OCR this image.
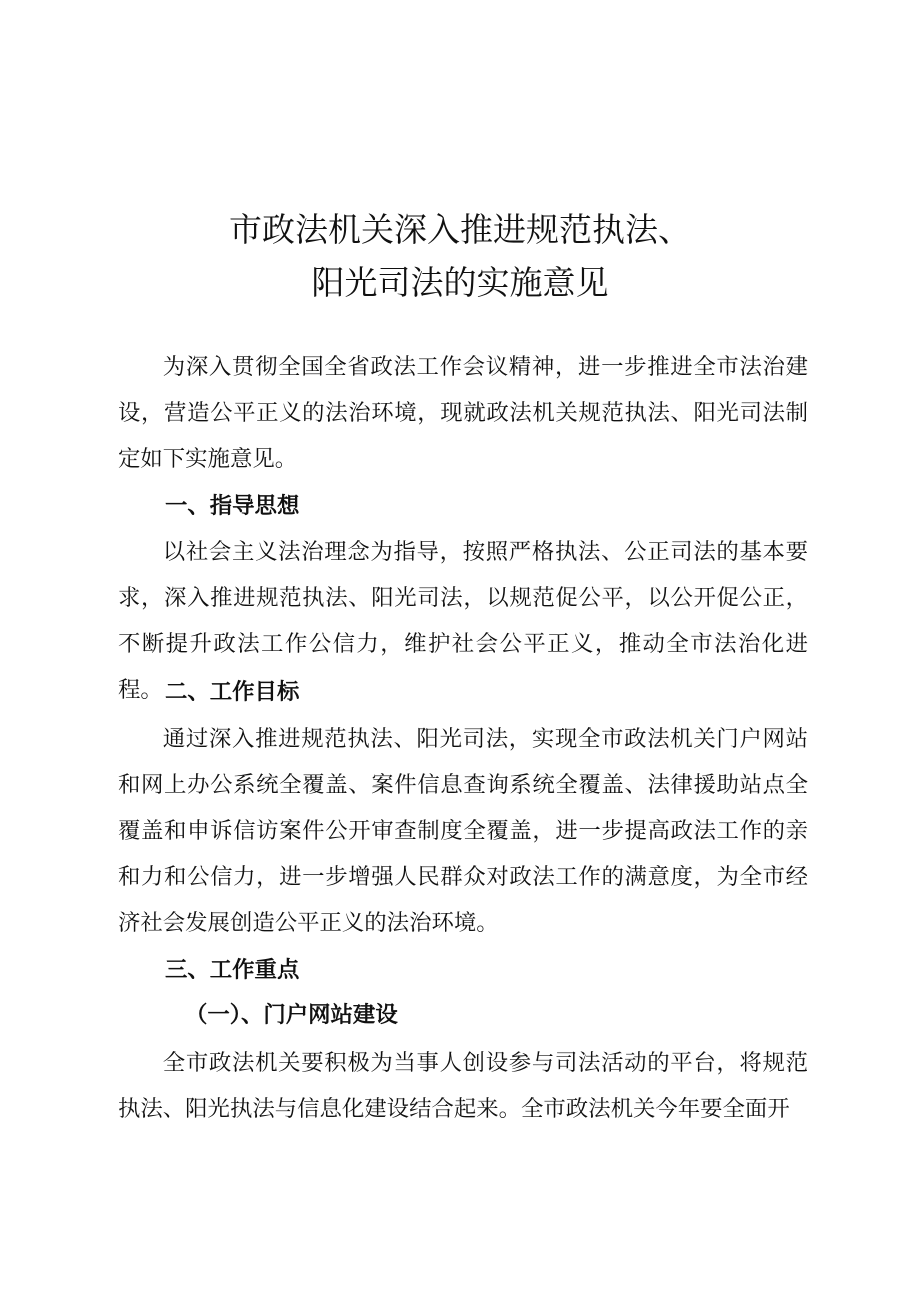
市政法机关深入推进规范执法、
阳光司法的实施意见

为深入贯彻全国全省政法工作会议精神，进一步推进全市法治建设，营造公平正义的法治环境，现就政法机关规范执法、阳光司法制定如下实施意见。

一、指导思想

以社会主义法治理念为指导，按照严格执法、公正司法的基本要求，深入推进规范执法、阳光司法，以规范促公平，以公开促公正，不断提升政法工作公信力，维护社会公平正义，推动全市法治化进程。 二、工作目标

通过深入推进规范执法、阳光司法，实现全市政法机关门户网站和网上办公系统全覆盖、案件信息查询系统全覆盖、法律援助站点全覆盖和申诉信访案件公开审查制度全覆盖，进一步提高政法工作的亲和力和公信力，进一步增强人民群众对政法工作的满意度，为全市经济社会发展创造公平正义的法治环境。

三、工作重点
（一）、门户网站建设

全市政法机关要积极为当事人创设参与司法活动的平台，将规范执法、阳光执法与信息化建设结合起来。全市政法机关今年要全面开
